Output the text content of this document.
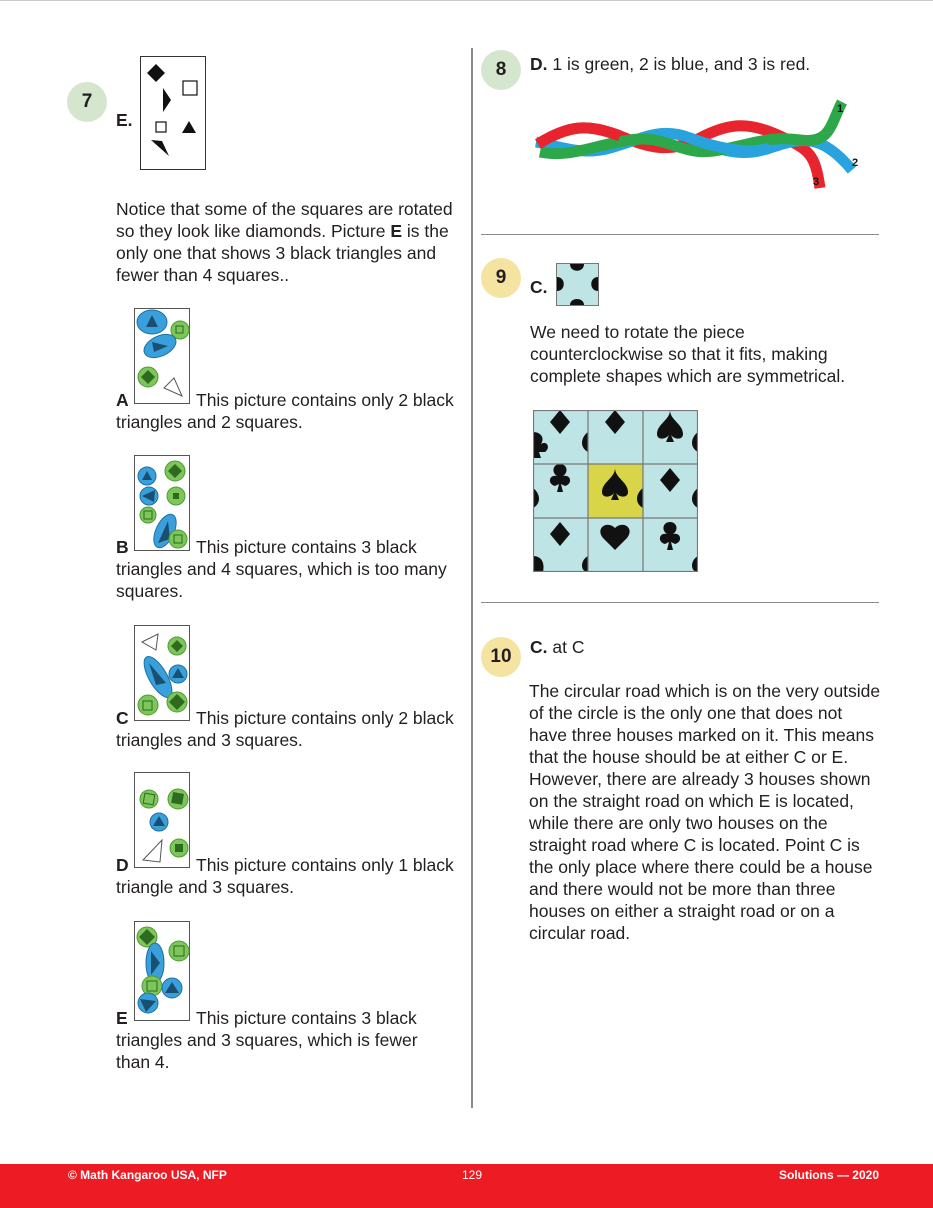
7
E.
Notice that some of the squares are rotated so they look like diamonds. Picture E is the only one that shows 3 black triangles and fewer than 4 squares..
This picture contains only 2 black triangles and 2 squares.
A
This picture contains 3 black triangles and 4 squares, which is too many squares.
B
This picture contains only 2 black triangles and 3 squares.
C
This picture contains only 1 black triangle and 3 squares.
D
This picture contains 3 black triangles and 3 squares, which is fewer than 4.
E
8 D. 1 is green, 2 is blue, and 3 is red.
1
2
3
9 C.
We need to rotate the piece counterclockwise so that it fits, making complete shapes which are symmetrical.
10 C. at C
The circular road which is on the very outside of the circle is the only one that does not have three houses marked on it. This means that the house should be at either C or E. However, there are already 3 houses shown on the straight road on which E is located, while there are only two houses on the straight road where C is located. Point C is the only place where there could be a house and there would not be more than three houses on either a straight road or on a circular road.
© Math Kangaroo USA, NFP	129	Solutions — 2020
